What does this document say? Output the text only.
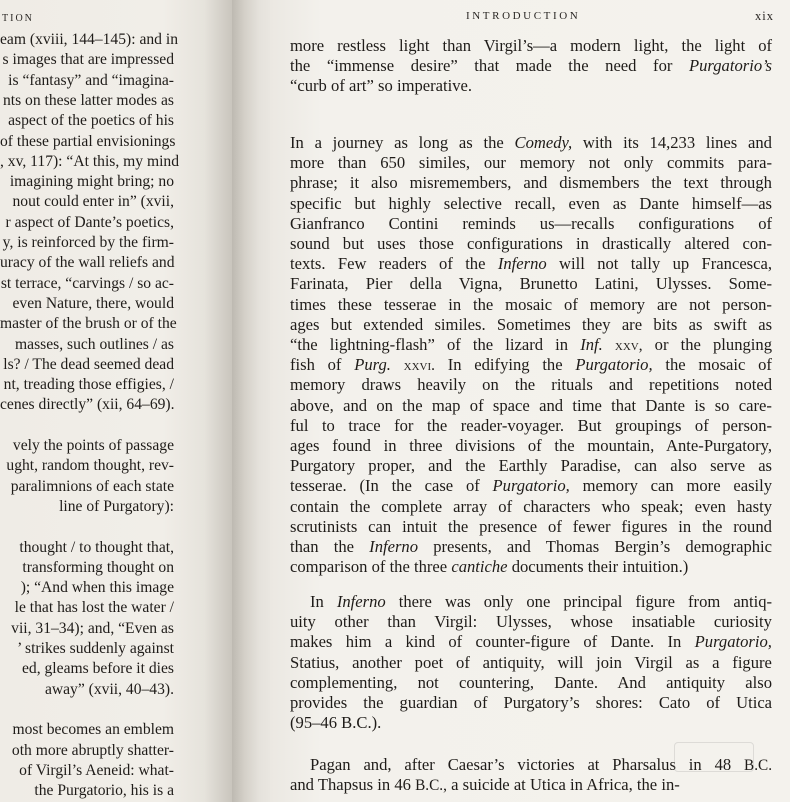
TION
eam (xviii, 144–145): and in
s images that are impressed
is “fantasy” and “imagina-
nts on these latter modes as
aspect of the poetics of his
of these partial envisionings
, xv, 117): “At this, my mind
imagining might bring; no
nout could enter in” (xvii,
r aspect of Dante’s poetics,
y, is reinforced by the firm-
uracy of the wall reliefs and
st terrace, “carvings / so ac-
even Nature, there, would
master of the brush or of the
masses, such outlines / as
ls? / The dead seemed dead
nt, treading those effigies, /
cenes directly” (xii, 64–69).
vely the points of passage
ught, random thought, rev-
paralimnions of each state
line of Purgatory):
thought / to thought that,
transforming thought on
); “And when this image
le that has lost the water /
vii, 31–34); and, “Even as
’ strikes suddenly against
ed, gleams before it dies
away” (xvii, 40–43).
most becomes an emblem
oth more abruptly shatter-
of Virgil’s Aeneid: what-
the Purgatorio, his is a
INTRODUCTION	xix
more restless light than Virgil’s—a modern light, the light of
the “immense desire” that made the need for Purgatorio’s
“curb of art” so imperative.
In a journey as long as the Comedy, with its 14,233 lines and
more than 650 similes, our memory not only commits para-
phrase; it also misremembers, and dismembers the text through
specific but highly selective recall, even as Dante himself—as
Gianfranco Contini reminds us—recalls configurations of
sound but uses those configurations in drastically altered con-
texts. Few readers of the Inferno will not tally up Francesca,
Farinata, Pier della Vigna, Brunetto Latini, Ulysses. Some-
times these tesserae in the mosaic of memory are not person-
ages but extended similes. Sometimes they are bits as swift as
“the lightning-flash” of the lizard in Inf. xxv, or the plunging
fish of Purg. xxvi. In edifying the Purgatorio, the mosaic of
memory draws heavily on the rituals and repetitions noted
above, and on the map of space and time that Dante is so care-
ful to trace for the reader-voyager. But groupings of person-
ages found in three divisions of the mountain, Ante-Purgatory,
Purgatory proper, and the Earthly Paradise, can also serve as
tesserae. (In the case of Purgatorio, memory can more easily
contain the complete array of characters who speak; even hasty
scrutinists can intuit the presence of fewer figures in the round
than the Inferno presents, and Thomas Bergin’s demographic
comparison of the three cantiche documents their intuition.)
In Inferno there was only one principal figure from antiq-
uity other than Virgil: Ulysses, whose insatiable curiosity
makes him a kind of counter-figure of Dante. In Purgatorio,
Statius, another poet of antiquity, will join Virgil as a figure
complementing, not countering, Dante. And antiquity also
provides the guardian of Purgatory’s shores: Cato of Utica
(95–46 B.C.).
Pagan and, after Caesar’s victories at Pharsalus in 48 B.C.
and Thapsus in 46 B.C., a suicide at Utica in Africa, the in-
